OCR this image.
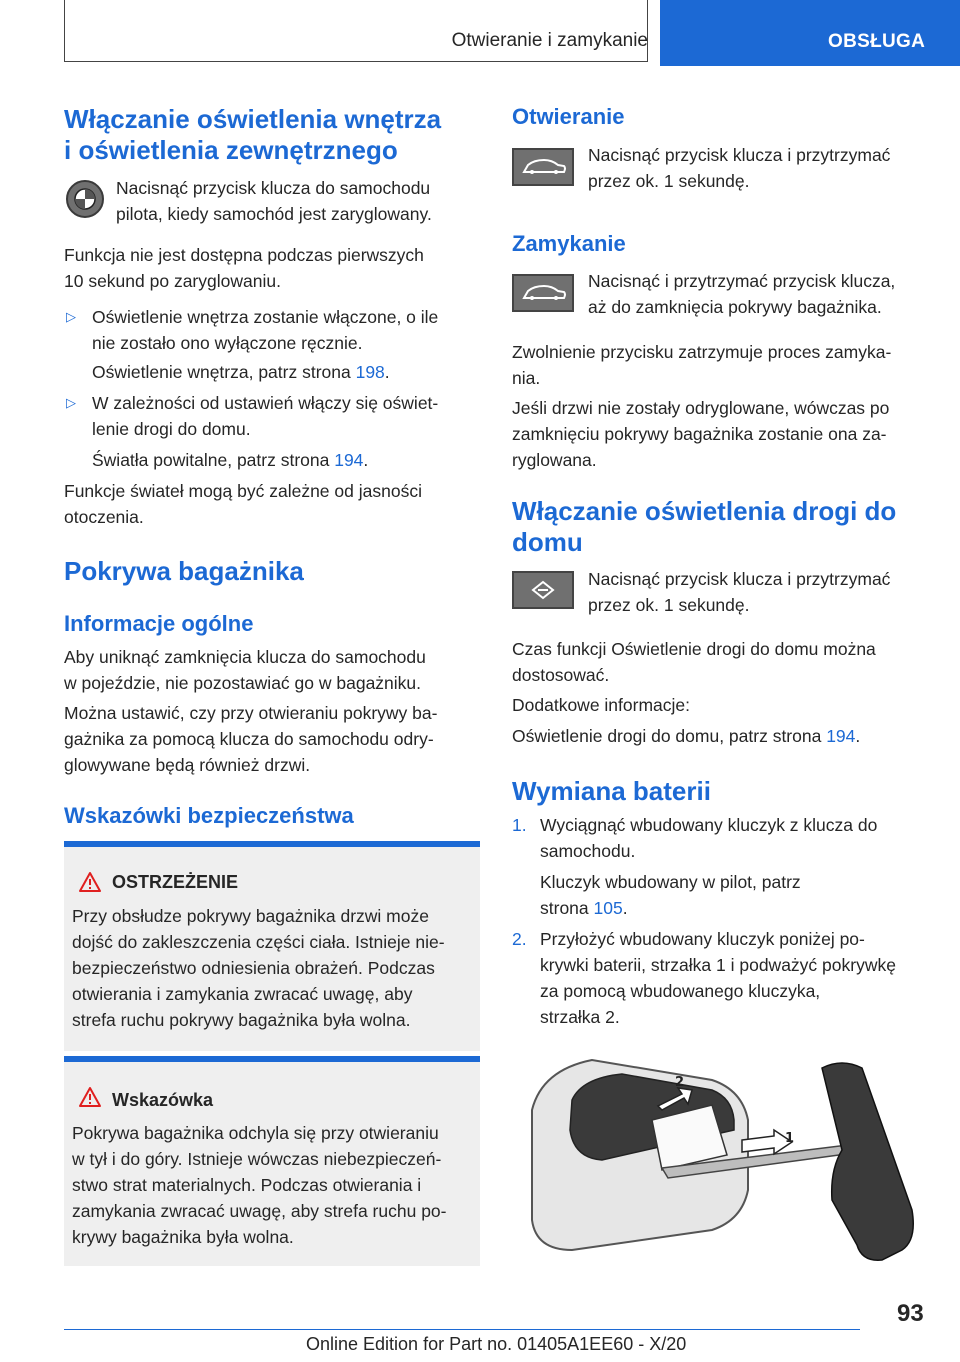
Otwieranie i zamykanie	OBSŁUGA
Włączanie oświetlenia wnętrza
i oświetlenia zewnętrznego

Nacisnąć przycisk klucza do samochodu
pilota, kiedy samochód jest zaryglowany.

Funkcja nie jest dostępna podczas pierwszych
10 sekund po zaryglowaniu.

▷ Oświetlenie wnętrza zostanie włączone, o ile
nie zostało ono wyłączone ręcznie.

Oświetlenie wnętrza, patrz strona 198.

▷ W zależności od ustawień włączy się oświet‐
lenie drogi do domu.

Światła powitalne, patrz strona 194.

Funkcje świateł mogą być zależne od jasności
otoczenia.

Pokrywa bagażnika
Informacje ogólne

Aby uniknąć zamknięcia klucza do samochodu
w pojeździe, nie pozostawiać go w bagażniku.

Można ustawić, czy przy otwieraniu pokrywy ba‐
gażnika za pomocą klucza do samochodu odry‐
glowywane będą również drzwi.

Wskazówki bezpieczeństwa
OSTRZEŻENIE

Przy obsłudze pokrywy bagażnika drzwi może
dojść do zakleszczenia części ciała. Istnieje nie‐
bezpieczeństwo odniesienia obrażeń. Podczas
otwierania i zamykania zwracać uwagę, aby
strefa ruchu pokrywy bagażnika była wolna.

Wskazówka

Pokrywa bagażnika odchyla się przy otwieraniu
w tył i do góry. Istnieje wówczas niebezpieczeń‐
stwo strat materialnych. Podczas otwierania i
zamykania zwracać uwagę, aby strefa ruchu po‐
krywy bagażnika była wolna.

Otwieranie

Nacisnąć przycisk klucza i przytrzymać
przez ok. 1 sekundę.

Zamykanie

Nacisnąć i przytrzymać przycisk klucza,
aż do zamknięcia pokrywy bagażnika.

Zwolnienie przycisku zatrzymuje proces zamyka‐
nia.

Jeśli drzwi nie zostały odryglowane, wówczas po
zamknięciu pokrywy bagażnika zostanie ona za‐
ryglowana.

Włączanie oświetlenia drogi do
domu

Nacisnąć przycisk klucza i przytrzymać
przez ok. 1 sekundę.

Czas funkcji Oświetlenie drogi do domu można
dostosować.

Dodatkowe informacje:

Oświetlenie drogi do domu, patrz strona 194.

Wymiana baterii
1. Wyciągnąć wbudowany kluczyk z klucza do
samochodu.

Kluczyk wbudowany w pilot, patrz
strona 105.

2. Przyłożyć wbudowany kluczyk poniżej po‐
krywki baterii, strzałka 1 i podważyć pokrywkę
za pomocą wbudowanego kluczyka,
strzałka 2.

1
2
93
Online Edition for Part no. 01405A1EE60 - X/20
